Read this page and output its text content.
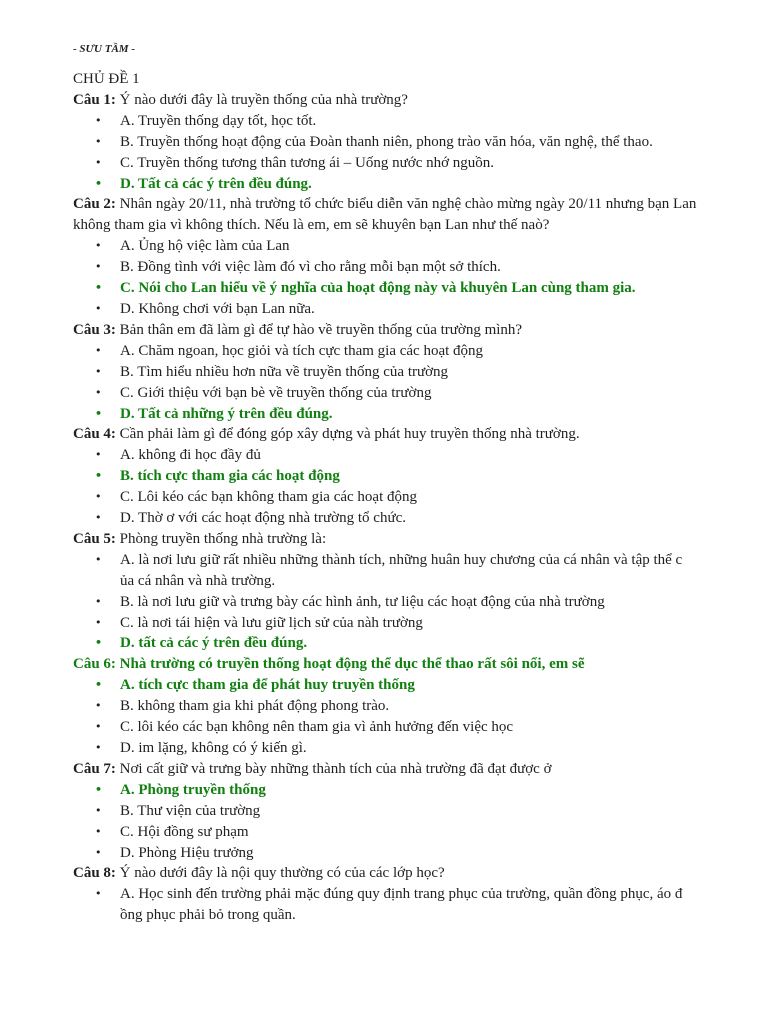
- SƯU TẦM -
CHỦ ĐỀ 1
Câu 1: Ý nào dưới đây là truyền thống của nhà trường?
• A. Truyền thống dạy tốt, học tốt.
• B. Truyền thống hoạt động của Đoàn thanh niên, phong trào văn hóa, văn nghệ, thể thao.
• C. Truyền thống tương thân tương ái – Uống nước nhớ nguồn.
• D. Tất cả các ý trên đều đúng.
Câu 2: Nhân ngày 20/11, nhà trường tổ chức biểu diễn văn nghệ chào mừng ngày 20/11 nhưng bạn Lan không tham gia vì không thích. Nếu là em, em sẽ khuyên bạn Lan như thế naò?
• A. Ủng hộ việc làm của Lan
• B. Đồng tình với việc làm đó vì cho rằng mỗi bạn một sở thích.
• C. Nói cho Lan hiểu về ý nghĩa của hoạt động này và khuyên Lan cùng tham gia.
• D. Không chơi với bạn Lan nữa.
Câu 3: Bản thân em đã làm gì để tự hào về truyền thống của trường mình?
• A. Chăm ngoan, học giỏi và tích cực tham gia các hoạt động
• B. Tìm hiểu nhiều hơn nữa về truyền thống của trường
• C. Giới thiệu với bạn bè về truyền thống của trường
• D. Tất cả những ý trên đều đúng.
Câu 4: Cần phải làm gì để đóng góp xây dựng và phát huy truyền thống nhà trường.
• A. không đi học đầy đủ
• B. tích cực tham gia các hoạt động
• C. Lôi kéo các bạn không tham gia các hoạt động
• D. Thờ ơ với các hoạt động nhà trường tổ chức.
Câu 5: Phòng truyền thống nhà trường là:
• A. là nơi lưu giữ rất nhiều những thành tích, những huân huy chương của cá nhân và tập thể c ủa cá nhân và nhà trường.
• B. là nơi lưu giữ và trưng bày các hình ảnh, tư liệu các hoạt động của nhà trường
• C. là nơi tái hiện và lưu giữ lịch sử của nàh trường
• D. tất cả các ý trên đều đúng.
Câu 6: Nhà trường có truyền thống hoạt động thể dục thể thao rất sôi nổi, em sẽ
• A. tích cực tham gia để phát huy truyền thống
• B. không tham gia khi phát động phong trào.
• C. lôi kéo các bạn không nên tham gia vì ảnh hưởng đến việc học
• D. im lặng, không có ý kiến gì.
Câu 7: Nơi cất giữ và trưng bày những thành tích của nhà trường đã đạt được ở
• A. Phòng truyền thống
• B. Thư viện của trường
• C. Hội đồng sư phạm
• D. Phòng Hiệu trưởng
Câu 8: Ý nào dưới đây là nội quy thường có của các lớp học?
• A. Học sinh đến trường phải mặc đúng quy định trang phục của trường, quần đồng phục, áo đ ồng phục phải bỏ trong quần.
